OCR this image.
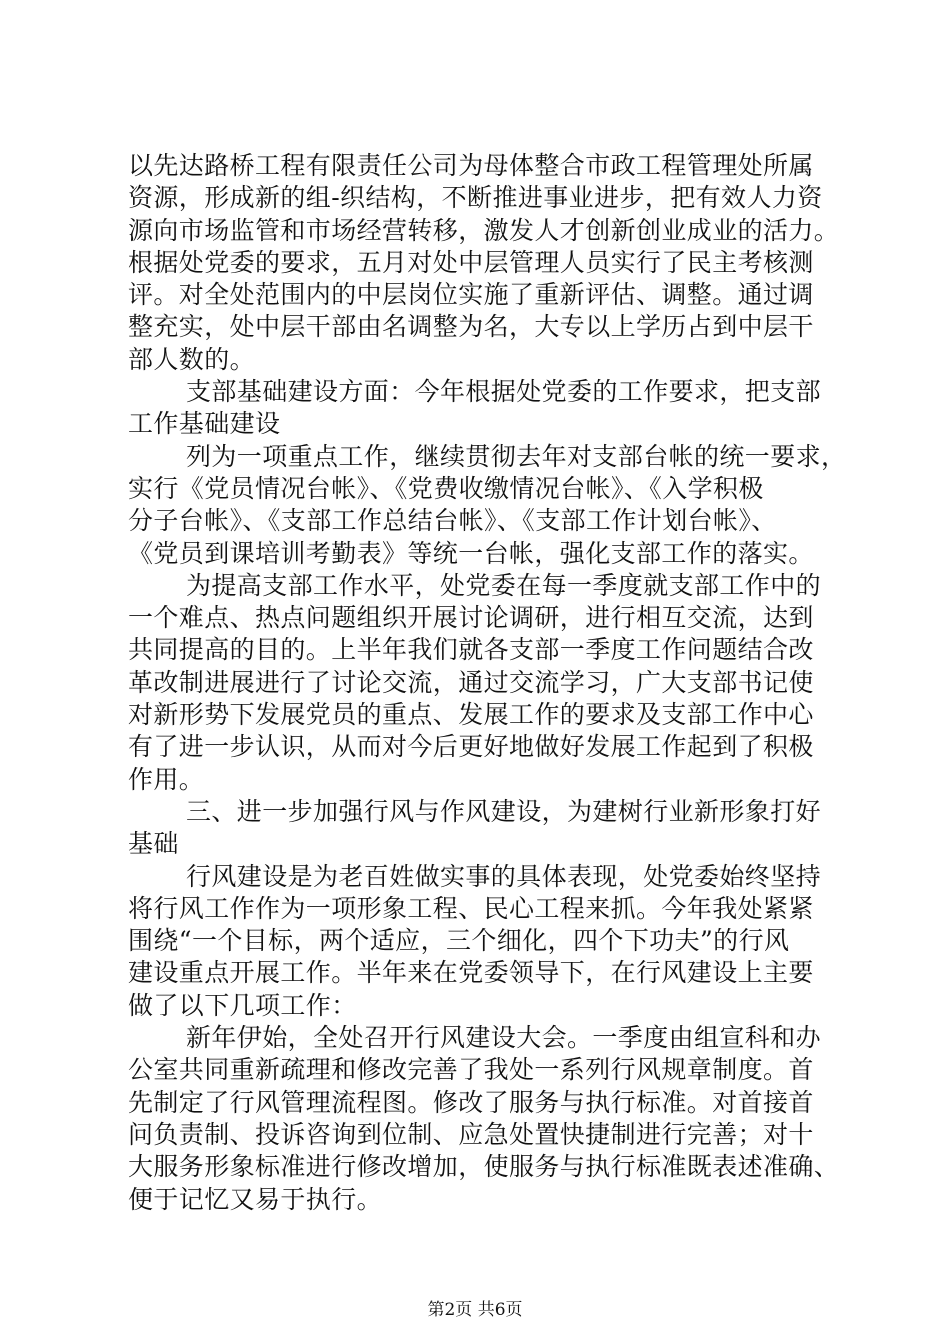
以先达路桥工程有限责任公司为母体整合市政工程管理处所属
资源，形成新的组-织结构，不断推进事业进步，把有效人力资
源向市场监管和市场经营转移，激发人才创新创业成业的活力。
根据处党委的要求，五月对处中层管理人员实行了民主考核测
评。对全处范围内的中层岗位实施了重新评估、调整。通过调
整充实，处中层干部由名调整为名，大专以上学历占到中层干
部人数的。
支部基础建设方面：今年根据处党委的工作要求，把支部
工作基础建设
列为一项重点工作，继续贯彻去年对支部台帐的统一要求，
实行《党员情况台帐》、《党费收缴情况台帐》、《入学积极
分子台帐》、《支部工作总结台帐》、《支部工作计划台帐》、
《党员到课培训考勤表》等统一台帐，强化支部工作的落实。
为提高支部工作水平，处党委在每一季度就支部工作中的
一个难点、热点问题组织开展讨论调研，进行相互交流，达到
共同提高的目的。上半年我们就各支部一季度工作问题结合改
革改制进展进行了讨论交流，通过交流学习，广大支部书记使
对新形势下发展党员的重点、发展工作的要求及支部工作中心
有了进一步认识，从而对今后更好地做好发展工作起到了积极
作用。
三、进一步加强行风与作风建设，为建树行业新形象打好
基础
行风建设是为老百姓做实事的具体表现，处党委始终坚持
将行风工作作为一项形象工程、民心工程来抓。今年我处紧紧
围绕“一个目标，两个适应，三个细化，四个下功夫”的行风
建设重点开展工作。半年来在党委领导下，在行风建设上主要
做了以下几项工作：
新年伊始，全处召开行风建设大会。一季度由组宣科和办
公室共同重新疏理和修改完善了我处一系列行风规章制度。首
先制定了行风管理流程图。修改了服务与执行标准。对首接首
问负责制、投诉咨询到位制、应急处置快捷制进行完善；对十
大服务形象标准进行修改增加，使服务与执行标准既表述准确、
便于记忆又易于执行。
第2页 共6页
